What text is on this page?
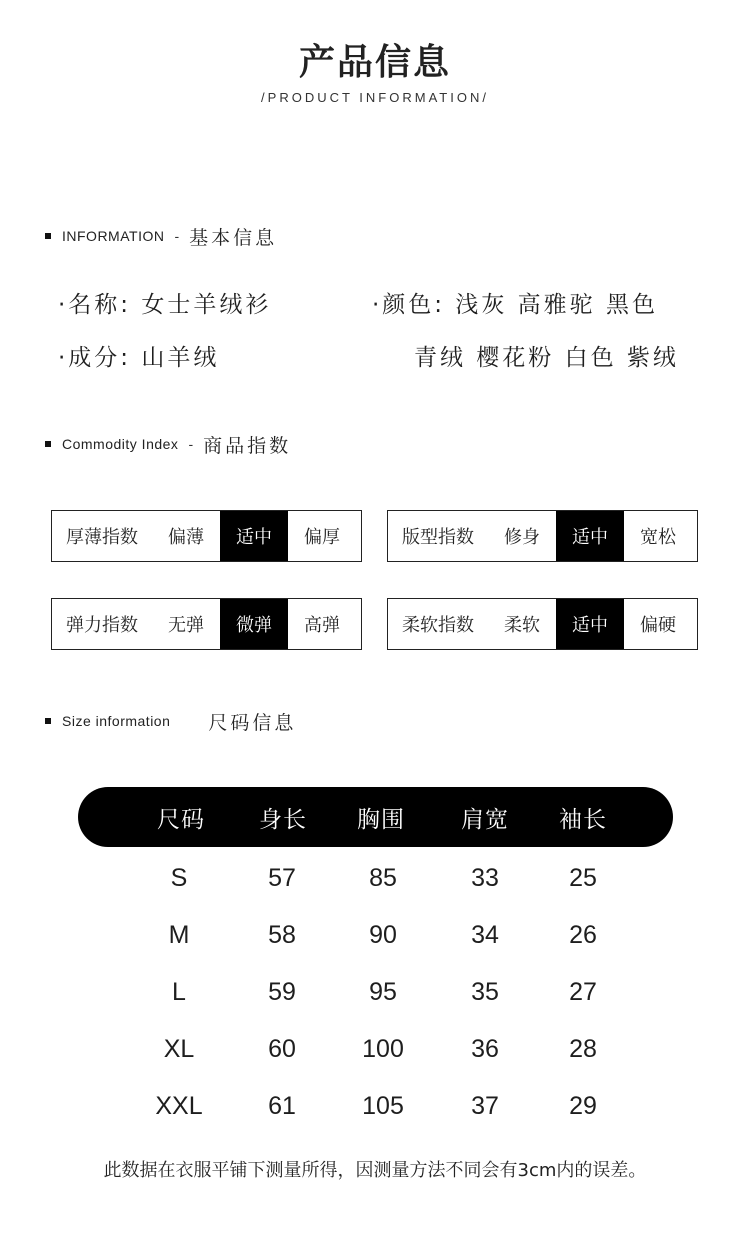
产品信息
/PRODUCT INFORMATION/
INFORMATION - 基本信息
·名称: 女士羊绒衫
·成分: 山羊绒
·颜色: 浅灰 高雅驼 黑色
青绒 樱花粉 白色 紫绒
Commodity Index - 商品指数
厚薄指数	偏薄	适中	偏厚	版型指数	修身	适中	宽松
弹力指数	无弹	微弹	高弹	柔软指数	柔软	适中	偏硬
Size information 尺码信息
尺码	身长	胸围	肩宽	袖长
S	57	85	33	25
M	58	90	34	26
L	59	95	35	27
XL	60	100	36	28
XXL	61	105	37	29
此数据在衣服平铺下测量所得，因测量方法不同会有3cm内的误差。
